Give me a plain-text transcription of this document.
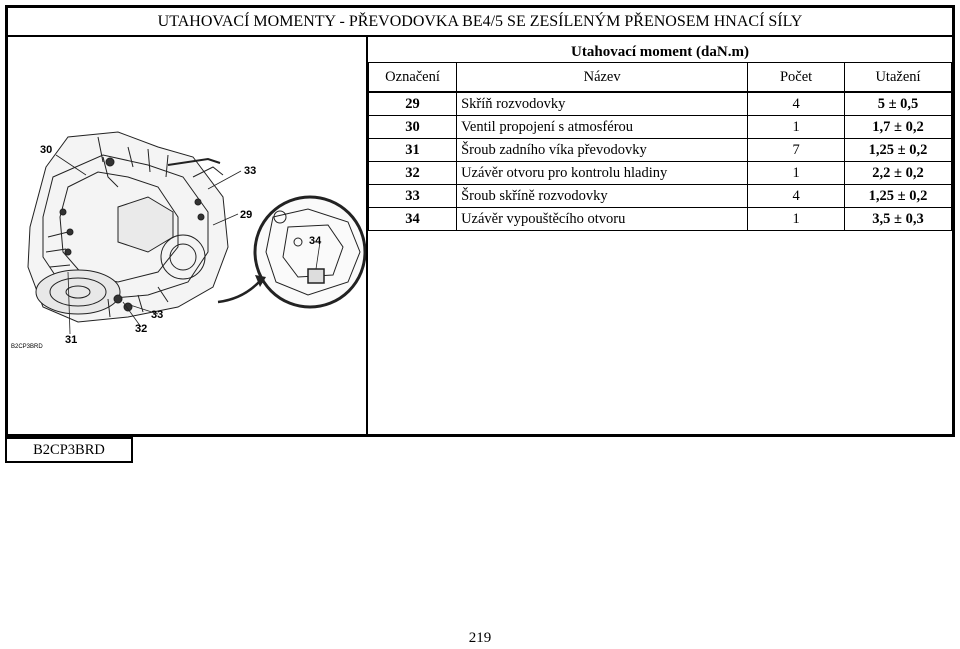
UTAHOVACÍ MOMENTY - PŘEVODOVKA BE4/5 SE ZESÍLENÝM PŘENOSEM HNACÍ SÍLY
30
33
29
34
33
32
31
B2CP3BRD
Utahovací moment (daN.m)
Označení	Název	Počet	Utažení
29	Skříň rozvodovky	4	5 ± 0,5
30	Ventil propojení s atmosférou	1	1,7 ± 0,2
31	Šroub zadního víka převodovky	7	1,25 ± 0,2
32	Uzávěr otvoru pro kontrolu hladiny	1	2,2 ± 0,2
33	Šroub skříně rozvodovky	4	1,25 ± 0,2
34	Uzávěr vypouštěcího otvoru	1	3,5 ± 0,3
B2CP3BRD
219
